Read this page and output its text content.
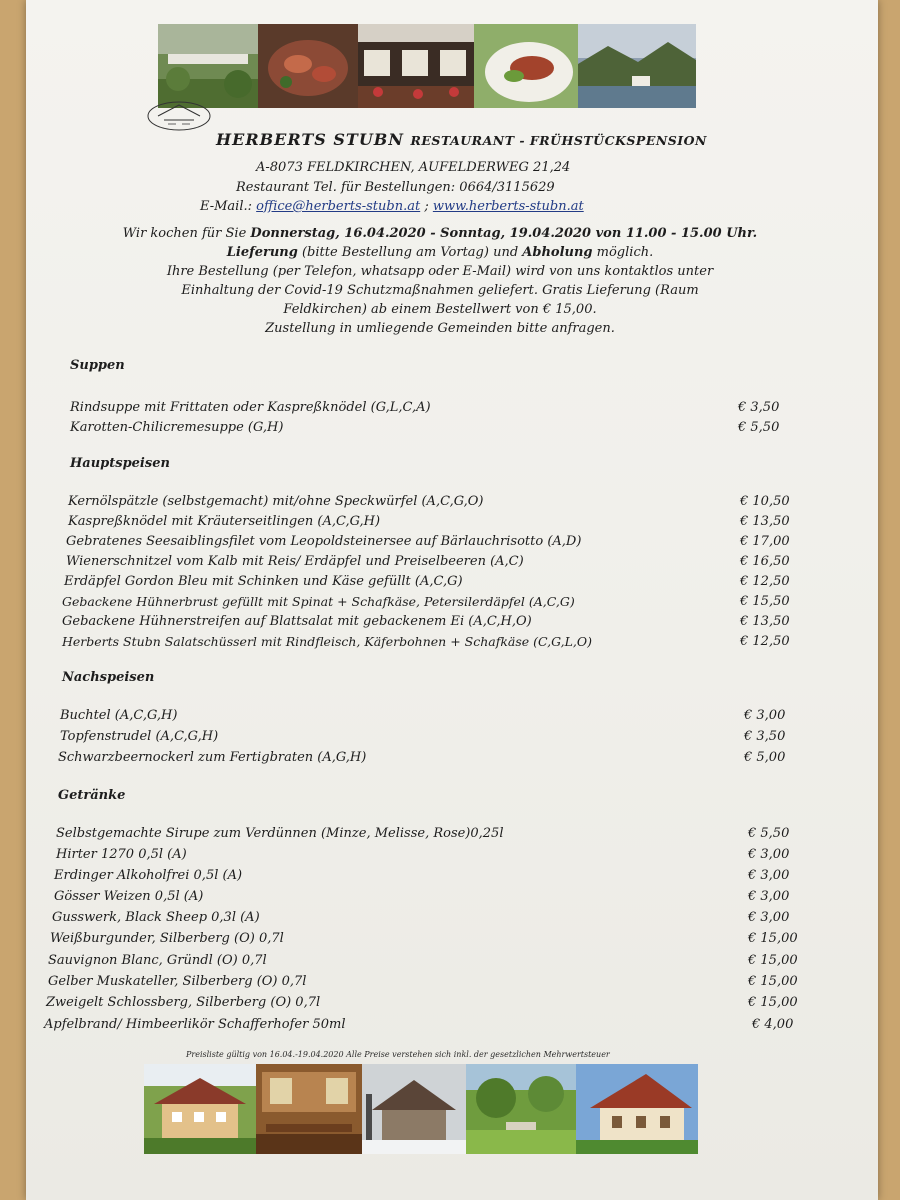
HERBERTS STUBN RESTAURANT - FRÜHSTÜCKSPENSION
A-8073 FELDKIRCHEN, AUFELDERWEG 21,24
Restaurant Tel. für Bestellungen: 0664/3115629
E-Mail.: office@herberts-stubn.at ; www.herberts-stubn.at
Wir kochen für Sie Donnerstag, 16.04.2020 - Sonntag, 19.04.2020 von 11.00 - 15.00 Uhr.
Lieferung (bitte Bestellung am Vortag) und Abholung möglich.
Ihre Bestellung (per Telefon, whatsapp oder E-Mail) wird von uns kontaktlos unter
Einhaltung der Covid-19 Schutzmaßnahmen geliefert. Gratis Lieferung (Raum
Feldkirchen) ab einem Bestellwert von € 15,00.
Zustellung in umliegende Gemeinden bitte anfragen.
Suppen
Rindsuppe mit Frittaten oder Kaspreßknödel (G,L,C,A)	€ 3,50
Karotten-Chilicremesuppe (G,H)	€ 5,50
Hauptspeisen
Kernölspätzle (selbstgemacht) mit/ohne Speckwürfel (A,C,G,O)	€ 10,50
Kaspreßknödel mit Kräuterseitlingen (A,C,G,H)	€ 13,50
Gebratenes Seesaiblingsfilet vom Leopoldsteinersee auf Bärlauchrisotto (A,D)	€ 17,00
Wienerschnitzel vom Kalb mit Reis/ Erdäpfel und Preiselbeeren (A,C)	€ 16,50
Erdäpfel Gordon Bleu mit Schinken und Käse gefüllt (A,C,G)	€ 12,50
Gebackene Hühnerbrust gefüllt mit Spinat + Schafkäse, Petersilerdäpfel (A,C,G)	€ 15,50
Gebackene Hühnerstreifen auf Blattsalat mit gebackenem Ei (A,C,H,O)	€ 13,50
Herberts Stubn Salatschüsserl mit Rindfleisch, Käferbohnen + Schafkäse (C,G,L,O)	€ 12,50
Nachspeisen
Buchtel (A,C,G,H)	€ 3,00
Topfenstrudel (A,C,G,H)	€ 3,50
Schwarzbeernockerl zum Fertigbraten (A,G,H)	€ 5,00
Getränke
Selbstgemachte Sirupe zum Verdünnen (Minze, Melisse, Rose)0,25l	€ 5,50
Hirter 1270 0,5l (A)	€ 3,00
Erdinger Alkoholfrei 0,5l (A)	€ 3,00
Gösser Weizen 0,5l (A)	€ 3,00
Gusswerk, Black Sheep 0,3l (A)	€ 3,00
Weißburgunder, Silberberg (O) 0,7l	€ 15,00
Sauvignon Blanc, Gründl (O) 0,7l	€ 15,00
Gelber Muskateller, Silberberg (O) 0,7l	€ 15,00
Zweigelt Schlossberg, Silberberg (O) 0,7l	€ 15,00
Apfelbrand/ Himbeerlikör Schafferhofer 50ml	€ 4,00
Preisliste gültig von 16.04.-19.04.2020 Alle Preise verstehen sich inkl. der gesetzlichen Mehrwertsteuer
